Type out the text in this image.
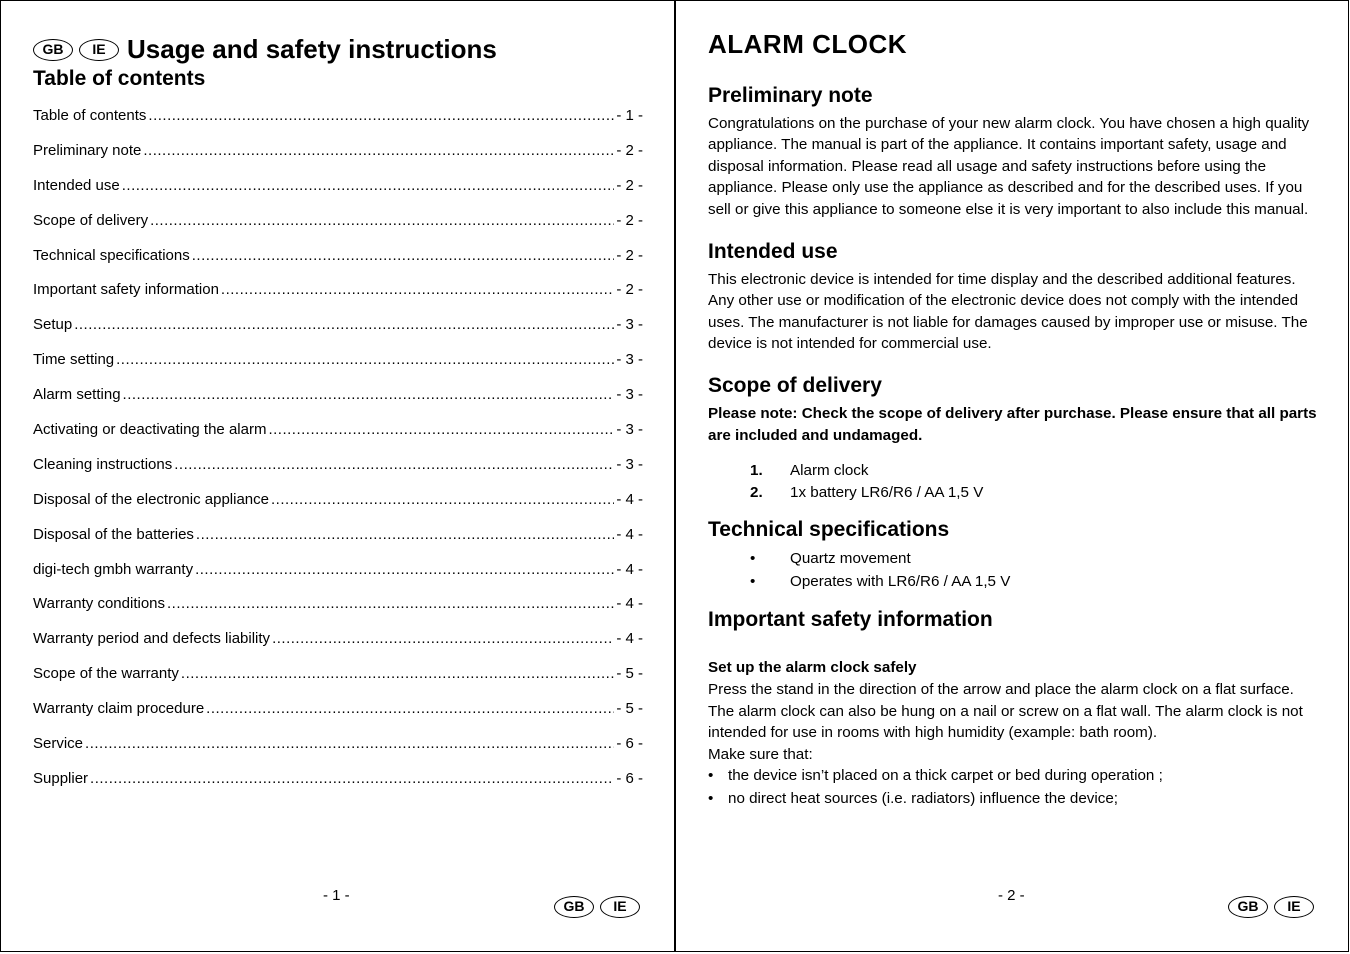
GB	IE Usage and safety instructions
Table of contents
Table of contents .....	- 1 -
Preliminary note .....	- 2 -
Intended use .....	- 2 -
Scope of delivery .....	- 2 -
Technical specifications .....	- 2 -
Important safety information .....	- 2 -
Setup .....	- 3 -
Time setting .....	- 3 -
Alarm setting .....	- 3 -
Activating or deactivating the alarm .....	- 3 -
Cleaning instructions .....	- 3 -
Disposal of the electronic appliance .....	- 4 -
Disposal of the batteries .....	- 4 -
digi-tech gmbh warranty .....	- 4 -
Warranty conditions .....	- 4 -
Warranty period and defects liability .....	- 4 -
Scope of the warranty .....	- 5 -
Warranty claim procedure .....	- 5 -
Service .....	- 6 -
Supplier .....	- 6 -
- 1 -
GB	IE
ALARM CLOCK
Preliminary note
Congratulations on the purchase of your new alarm clock. You have chosen a high quality appliance. The manual is part of the appliance. It contains important safety, usage and disposal information. Please read all usage and safety instructions before using the appliance. Please only use the appliance as described and for the described uses. If you sell or give this appliance to someone else it is very important to also include this manual.
Intended use
This electronic device is intended for time display and the described additional features. Any other use or modification of the electronic device does not comply with the intended uses. The manufacturer is not liable for damages caused by improper use or misuse. The device is not intended for commercial use.
Scope of delivery
Please note: Check the scope of delivery after purchase. Please ensure that all parts are included and undamaged.
1.	Alarm clock
2.	1x battery LR6/R6 / AA 1,5 V
Technical specifications
•	Quartz movement
•	Operates with LR6/R6 / AA 1,5 V
Important safety information
Set up the alarm clock safely
Press the stand in the direction of the arrow and place the alarm clock on a flat surface. The alarm clock can also be hung on a nail or screw on a flat wall. The alarm clock is not intended for use in rooms with high humidity (example: bath room).
Make sure that:
• the device isn’t placed on a thick carpet or bed during operation ;
• no direct heat sources (i.e. radiators) influence the device;
- 2 -
GB	IE
